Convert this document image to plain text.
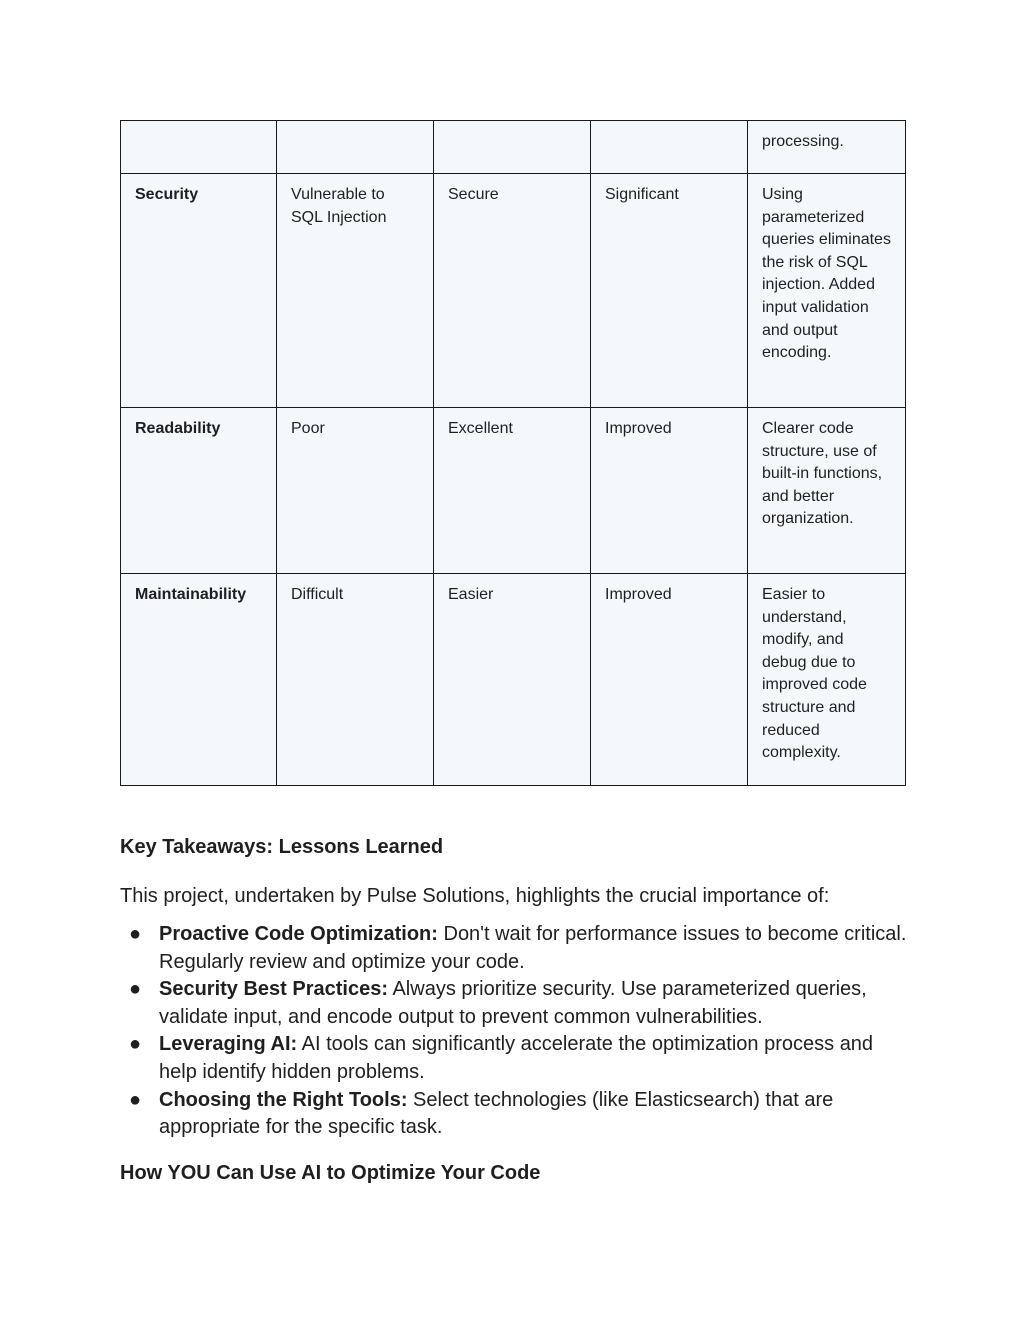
				processing.
Security	Vulnerable to SQL Injection	Secure	Significant	Using parameterized queries eliminates the risk of SQL injection. Added input validation and output encoding.
Readability	Poor	Excellent	Improved	Clearer code structure, use of built-in functions, and better organization.
Maintainability	Difficult	Easier	Improved	Easier to understand, modify, and debug due to improved code structure and reduced complexity.
Key Takeaways: Lessons Learned

This project, undertaken by Pulse Solutions, highlights the crucial importance of:

● Proactive Code Optimization: Don't wait for performance issues to become critical. Regularly review and optimize your code.
● Security Best Practices: Always prioritize security. Use parameterized queries, validate input, and encode output to prevent common vulnerabilities.
● Leveraging AI: AI tools can significantly accelerate the optimization process and help identify hidden problems.
● Choosing the Right Tools: Select technologies (like Elasticsearch) that are appropriate for the specific task.
How YOU Can Use AI to Optimize Your Code
